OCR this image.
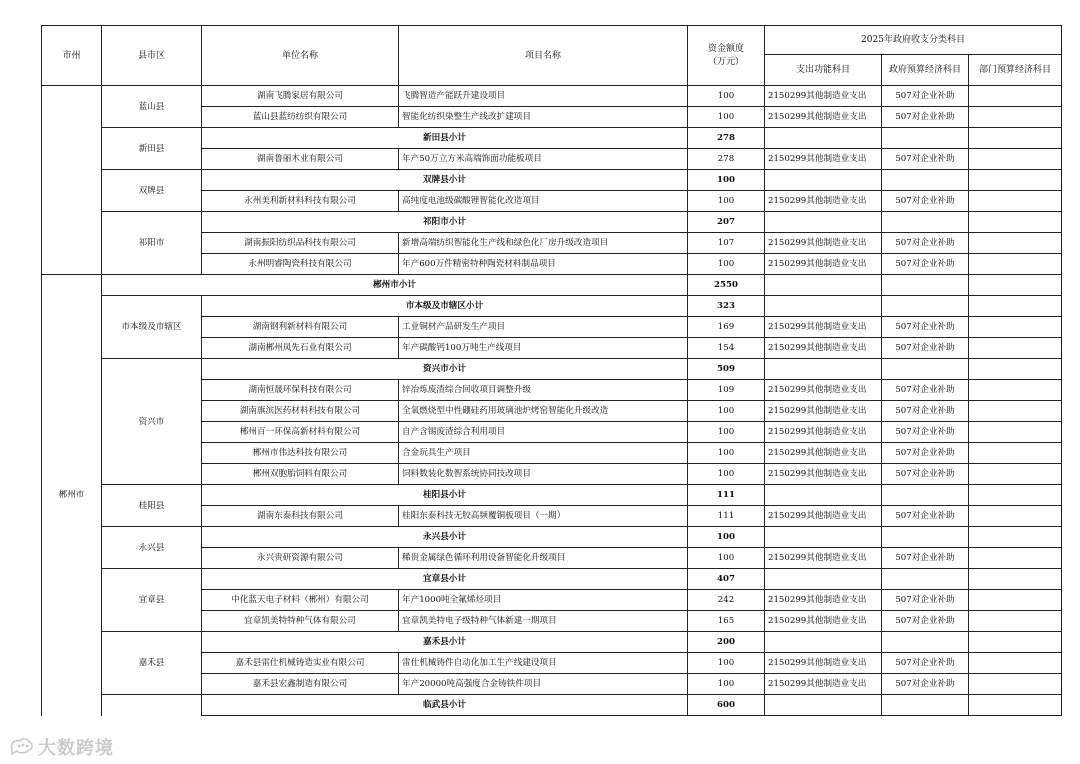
市州	县市区	单位名称	项目名称	资金额度
（万元）	2025年政府收支分类科目		
					支出功能科目	政府预算经济科目	部门预算经济科目
	蓝山县	湖南飞腾家居有限公司	飞腾智造产能跃升建设项目	100	2150299其他制造业支出	507对企业补助	
		蓝山县蓝纺纺织有限公司	智能化纺织染整生产线改扩建项目	100	2150299其他制造业支出	507对企业补助	
	新田县	新田县小计		278			
		湖南鲁丽木业有限公司	年产50万立方米高端饰面功能板项目	278	2150299其他制造业支出	507对企业补助	
	双牌县	双牌县小计		100			
		永州美利新材料科技有限公司	高纯度电池级碳酸锂智能化改造项目	100	2150299其他制造业支出	507对企业补助	
	祁阳市	祁阳市小计		207			
		湖南振阳纺织品科技有限公司	新增高端纺织智能化生产线和绿色化厂房升级改造项目	107	2150299其他制造业支出	507对企业补助	
		永州明睿陶瓷科技有限公司	年产600万件精密特种陶瓷材料制品项目	100	2150299其他制造业支出	507对企业补助	
郴州市	郴州市小计			2550			
	市本级及市辖区	市本级及市辖区小计		323			
		湖南钢利新材料有限公司	工业铜材产品研发生产项目	169	2150299其他制造业支出	507对企业补助	
		湖南郴州凤先石业有限公司	年产碳酸钙100万吨生产线项目	154	2150299其他制造业支出	507对企业补助	
	资兴市	资兴市小计		509			
		湖南恒晟环保科技有限公司	锌冶炼废渣综合回收项目调整升级	109	2150299其他制造业支出	507对企业补助	
		湖南旗滨医药材料科技有限公司	全氧燃烧型中性硼硅药用玻璃池炉烤窑智能化升级改造	100	2150299其他制造业支出	507对企业补助	
		郴州百一环保高新材料有限公司	自产含锡废渣综合利用项目	100	2150299其他制造业支出	507对企业补助	
		郴州市伟达科技有限公司	合金玩具生产项目	100	2150299其他制造业支出	507对企业补助	
		郴州双胞胎饲料有限公司	饲料数装化数智系统协同技改项目	100	2150299其他制造业支出	507对企业补助	
	桂阳县	桂阳县小计		111			
		湖南东泰科技有限公司	桂阳东泰科技无胶高频覆铜板项目（一期）	111	2150299其他制造业支出	507对企业补助	
	永兴县	永兴县小计		100			
		永兴贵研资源有限公司	稀贵金属绿色循环利用设备智能化升级项目	100	2150299其他制造业支出	507对企业补助	
	宜章县	宜章县小计		407			
		中化蓝天电子材料（郴州）有限公司	年产1000吨全氟烯烃项目	242	2150299其他制造业支出	507对企业补助	
		宜章凯美特特种气体有限公司	宜章凯美特电子级特种气体新建一期项目	165	2150299其他制造业支出	507对企业补助	
	嘉禾县	嘉禾县小计		200			
		嘉禾县雷仕机械铸造实业有限公司	雷仕机械铸件自动化加工生产线建设项目	100	2150299其他制造业支出	507对企业补助	
		嘉禾县宏鑫制造有限公司	年产20000吨高强度合金铸铁件项目	100	2150299其他制造业支出	507对企业补助	
		临武县小计		600			
大数跨境
